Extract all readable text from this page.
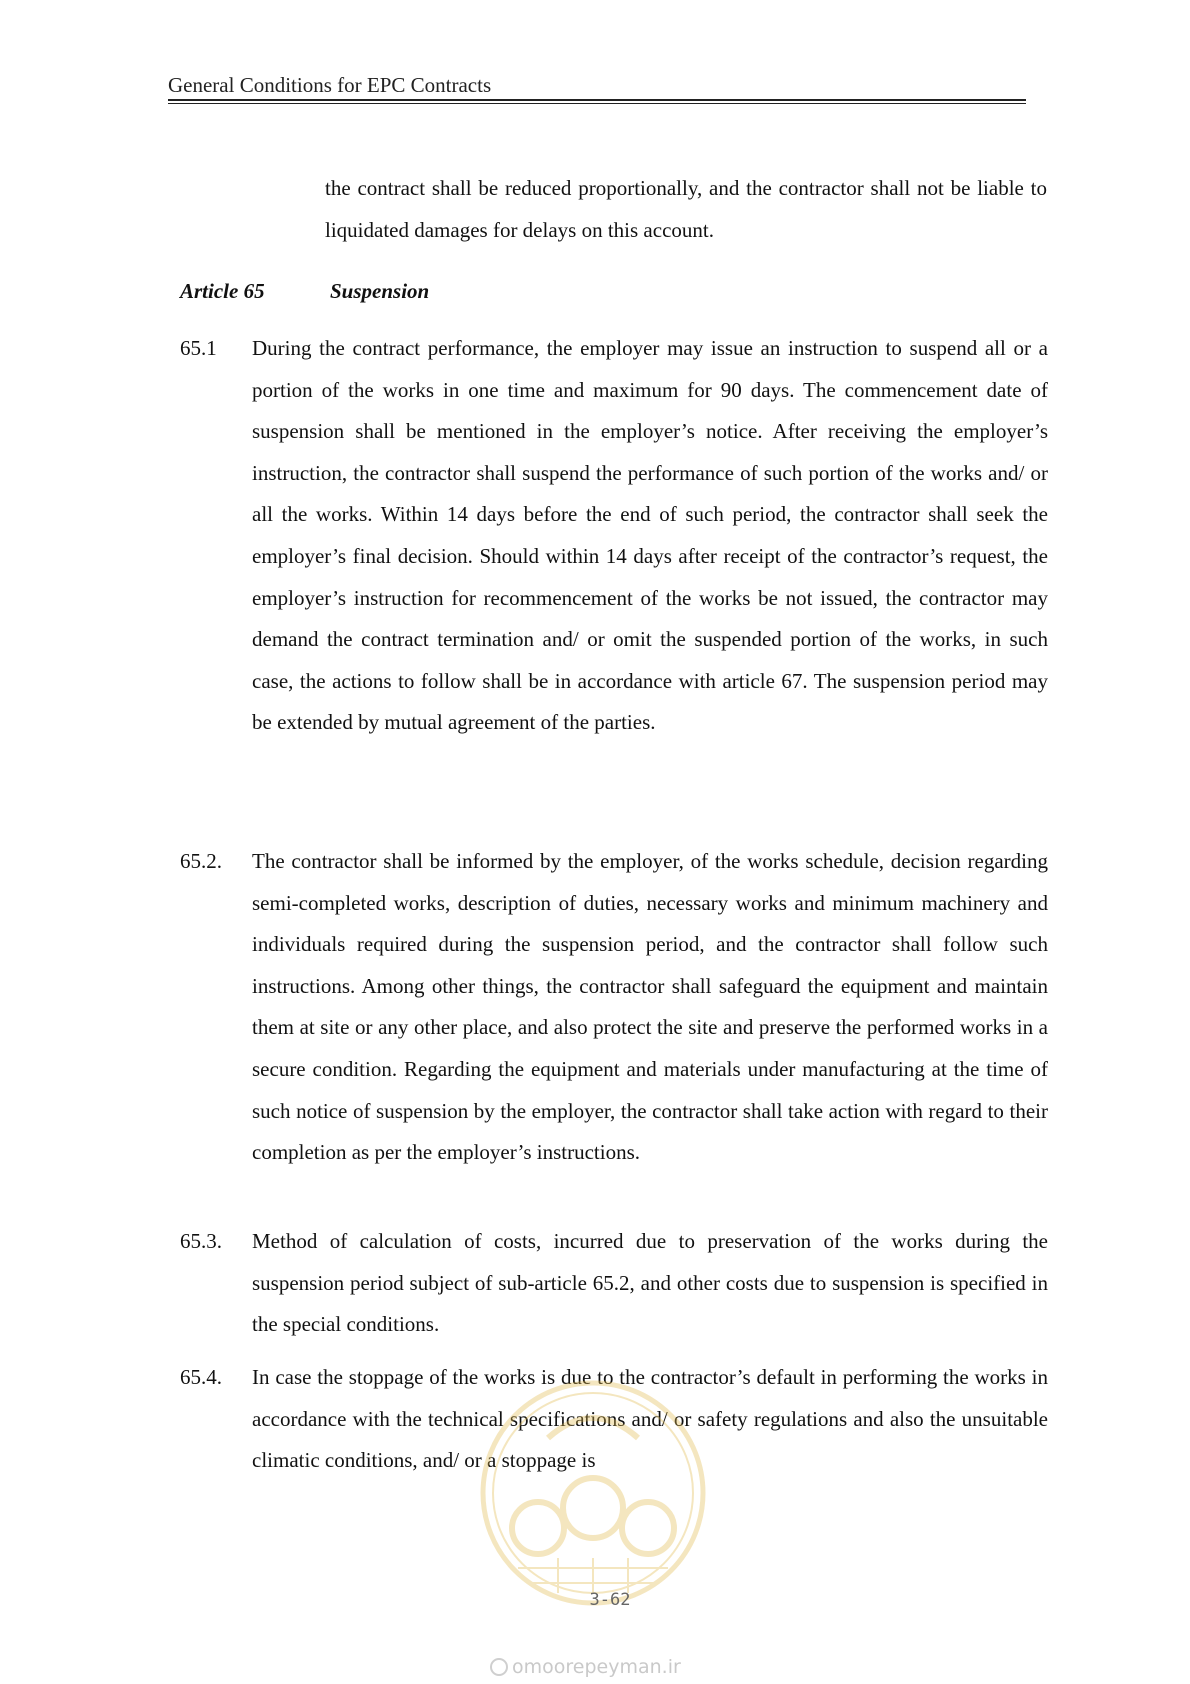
General Conditions for EPC Contracts

the contract shall be reduced proportionally, and the contractor shall not be liable to liquidated damages for delays on this account.

Article 65	Suspension
65.1 During the contract performance, the employer may issue an instruction to suspend all or a portion of the works in one time and maximum for 90 days. The commencement date of suspension shall be mentioned in the employer’s notice. After receiving the employer’s instruction, the contractor shall suspend the performance of such portion of the works and/ or all the works. Within 14 days before the end of such period, the contractor shall seek the employer’s final decision. Should within 14 days after receipt of the contractor’s request, the employer’s instruction for recommencement of the works be not issued, the contractor may demand the contract termination and/ or omit the suspended portion of the works, in such case, the actions to follow shall be in accordance with article 67. The suspension period may be extended by mutual agreement of the parties.

65.2. The contractor shall be informed by the employer, of the works schedule, decision regarding semi-completed works, description of duties, necessary works and minimum machinery and individuals required during the suspension period, and the contractor shall follow such instructions. Among other things, the contractor shall safeguard the equipment and maintain them at site or any other place, and also protect the site and preserve the performed works in a secure condition. Regarding the equipment and materials under manufacturing at the time of such notice of suspension by the employer, the contractor shall take action with regard to their completion as per the employer’s instructions.

65.3. Method of calculation of costs, incurred due to preservation of the works during the suspension period subject of sub-article 65.2, and other costs due to suspension is specified in the special conditions.

65.4. In case the stoppage of the works is due to the contractor’s default in performing the works in accordance with the technical specifications and/ or safety regulations and also the unsuitable climatic conditions, and/ or a stoppage is

3-62
omoorepeyman.ir
